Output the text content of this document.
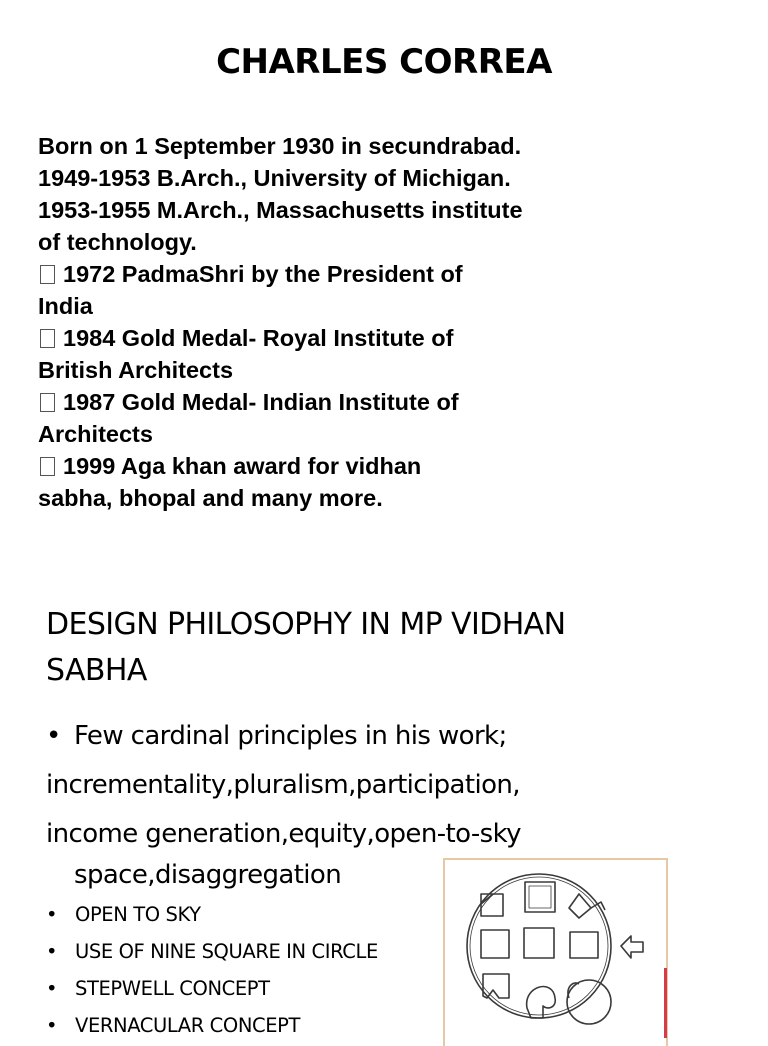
CHARLES CORREA
Born on 1 September 1930 in secundrabad.
1949-1953 B.Arch., University of Michigan.
1953-1955 M.Arch., Massachusetts institute
of technology.
1972 PadmaShri by the President of
India
1984 Gold Medal- Royal Institute of
British Architects
1987 Gold Medal- Indian Institute of
Architects
1999 Aga khan award for vidhan
sabha, bhopal and many more.
DESIGN PHILOSOPHY IN MP VIDHAN
SABHA
• Few cardinal principles in his work;
incrementality,pluralism,participation,
income generation,equity,open-to-sky
space,disaggregation
• OPEN TO SKY
• USE OF NINE SQUARE IN CIRCLE
• STEPWELL CONCEPT
• VERNACULAR CONCEPT
